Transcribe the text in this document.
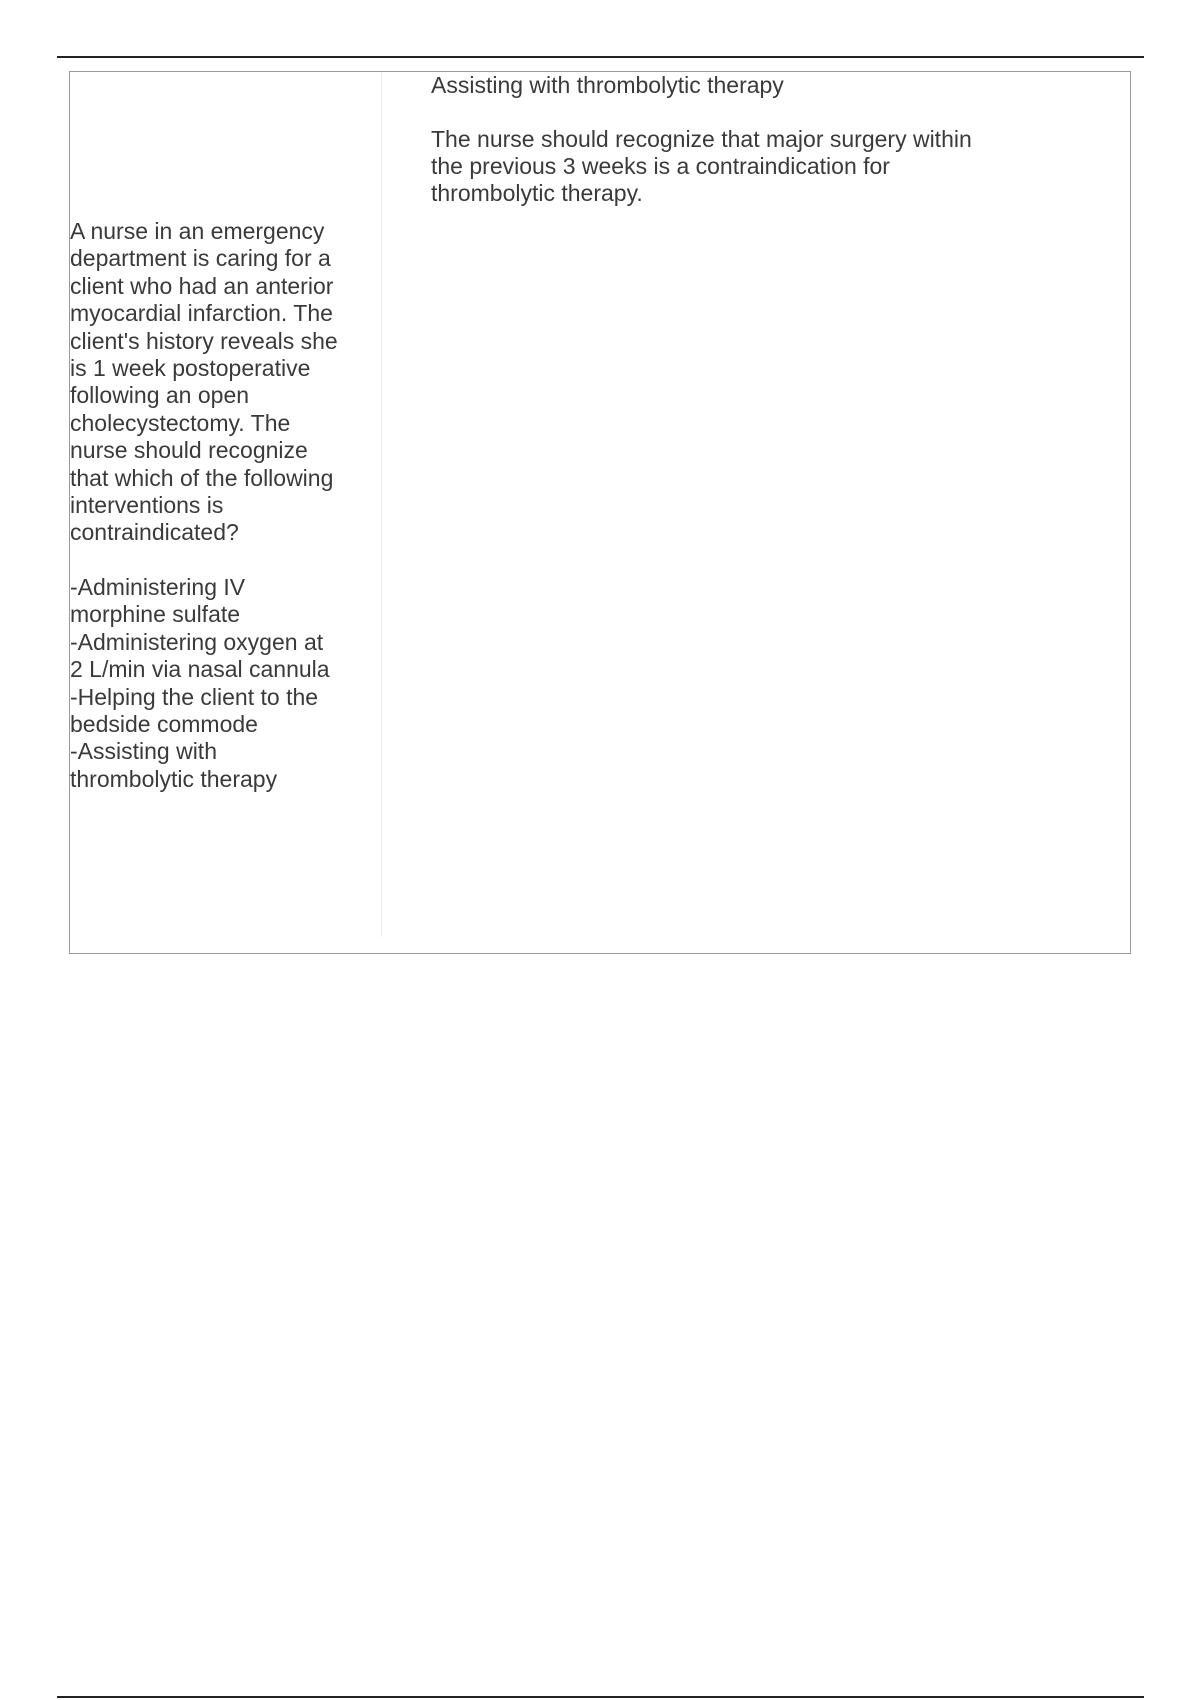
A nurse in an emergency
department is caring for a
client who had an anterior
myocardial infarction. The
client's history reveals she
is 1 week postoperative
following an open
cholecystectomy. The
nurse should recognize
that which of the following
interventions is
contraindicated?

-Administering IV
morphine sulfate
-Administering oxygen at
2 L/min via nasal cannula
-Helping the client to the
bedside commode
-Assisting with
thrombolytic therapy

Assisting with thrombolytic therapy

The nurse should recognize that major surgery within
the previous 3 weeks is a contraindication for
thrombolytic therapy.
